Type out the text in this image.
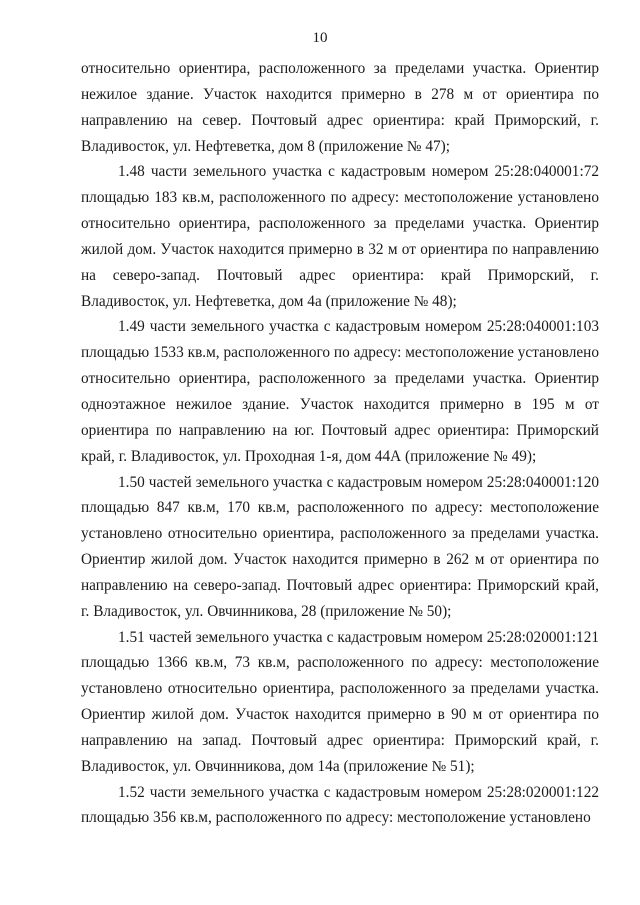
10

относительно ориентира, расположенного за пределами участка. Ориентир нежилое здание. Участок находится примерно в 278 м от ориентира по направлению на север. Почтовый адрес ориентира: край Приморский, г. Владивосток, ул. Нефтеветка, дом 8 (приложение № 47);

1.48 части земельного участка с кадастровым номером 25:28:040001:72 площадью 183 кв.м, расположенного по адресу: местоположение установлено относительно ориентира, расположенного за пределами участка. Ориентир жилой дом. Участок находится примерно в 32 м от ориентира по направлению на северо-запад. Почтовый адрес ориентира: край Приморский, г. Владивосток, ул. Нефтеветка, дом 4а (приложение № 48);

1.49 части земельного участка с кадастровым номером 25:28:040001:103 площадью 1533 кв.м, расположенного по адресу: местоположение установлено относительно ориентира, расположенного за пределами участка. Ориентир одноэтажное нежилое здание. Участок находится примерно в 195 м от ориентира по направлению на юг. Почтовый адрес ориентира: Приморский край, г. Владивосток, ул. Проходная 1-я, дом 44А (приложение № 49);

1.50 частей земельного участка с кадастровым номером 25:28:040001:120 площадью 847 кв.м, 170 кв.м, расположенного по адресу: местоположение установлено относительно ориентира, расположенного за пределами участка. Ориентир жилой дом. Участок находится примерно в 262 м от ориентира по направлению на северо-запад. Почтовый адрес ориентира: Приморский край, г. Владивосток, ул. Овчинникова, 28 (приложение № 50);

1.51 частей земельного участка с кадастровым номером 25:28:020001:121 площадью 1366 кв.м, 73 кв.м, расположенного по адресу: местоположение установлено относительно ориентира, расположенного за пределами участка. Ориентир жилой дом. Участок находится примерно в 90 м от ориентира по направлению на запад. Почтовый адрес ориентира: Приморский край, г. Владивосток, ул. Овчинникова, дом 14а (приложение № 51);

1.52 части земельного участка с кадастровым номером 25:28:020001:122 площадью 356 кв.м, расположенного по адресу: местоположение установлено
